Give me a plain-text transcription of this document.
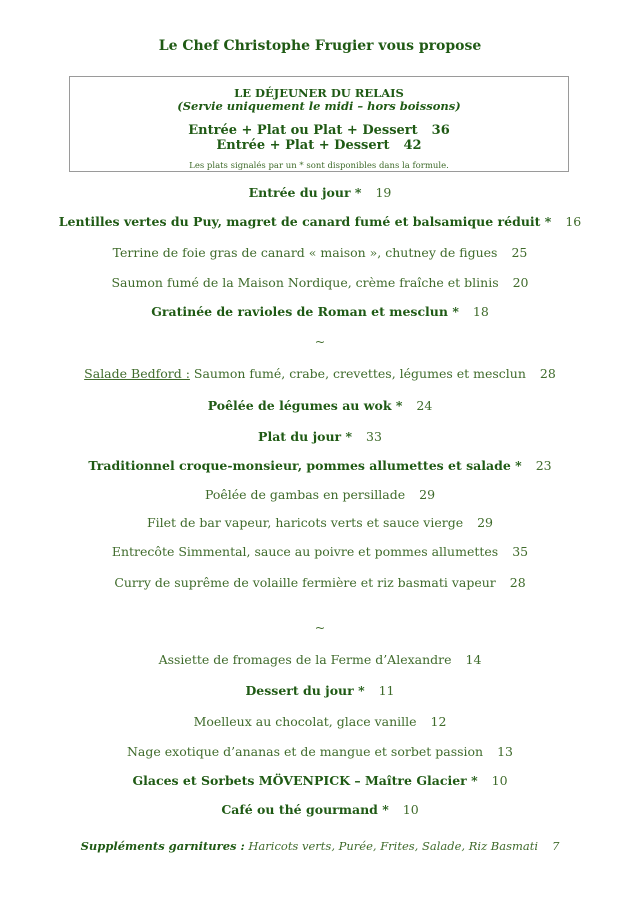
Le Chef Christophe Frugier vous propose
LE DÉJEUNER DU RELAIS
(Servie uniquement le midi – hors boissons)
Entrée + Plat ou Plat + Dessert 36
Entrée + Plat + Dessert 42
Les plats signalés par un * sont disponibles dans la formule.
Entrée du jour * 19
Lentilles vertes du Puy, magret de canard fumé et balsamique réduit * 16
Terrine de foie gras de canard « maison », chutney de figues 25
Saumon fumé de la Maison Nordique, crème fraîche et blinis 20
Gratinée de ravioles de Roman et mesclun * 18
~
Salade Bedford : Saumon fumé, crabe, crevettes, légumes et mesclun 28
Poêlée de légumes au wok * 24
Plat du jour * 33
Traditionnel croque-monsieur, pommes allumettes et salade * 23
Poêlée de gambas en persillade 29
Filet de bar vapeur, haricots verts et sauce vierge 29
Entrecôte Simmental, sauce au poivre et pommes allumettes 35
Curry de suprême de volaille fermière et riz basmati vapeur 28
~
Assiette de fromages de la Ferme d’Alexandre 14
Dessert du jour * 11
Moelleux au chocolat, glace vanille 12
Nage exotique d’ananas et de mangue et sorbet passion 13
Glaces et Sorbets MÖVENPICK – Maître Glacier * 10
Café ou thé gourmand * 10
Suppléments garnitures : Haricots verts, Purée, Frites, Salade, Riz Basmati 7
